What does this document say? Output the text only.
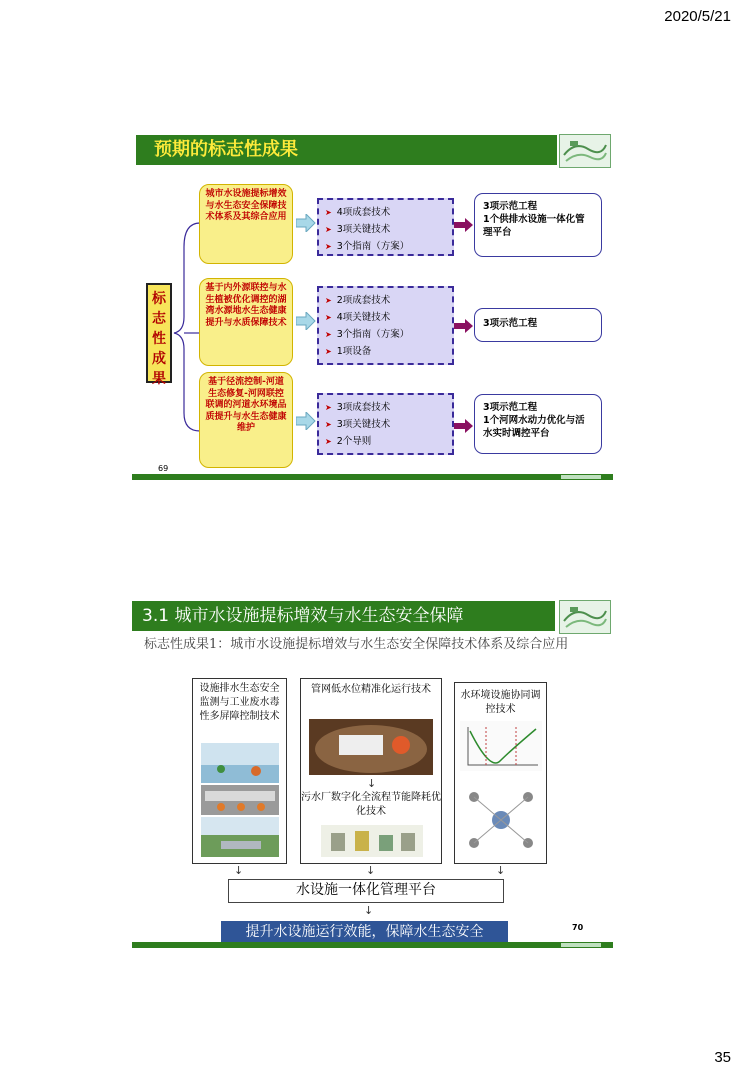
2020/5/21
预期的标志性成果
标
志
性
成
果
城市水设施提标增效与水生态安全保障技术体系及其综合应用	➤ 4项成套技术
➤ 3项关键技术
➤ 3个指南（方案）
3项示范工程
1个供排水设施一体化管理平台
基于内外源联控与水生植被优化调控的湖湾水源地水生态健康提升与水质保障技术
➤ 2项成套技术
➤ 4项关键技术
➤ 3个指南（方案）
➤ 1项设备
3项示范工程
基于径流控制-河道生态修复-河网联控联调的河道水环境品质提升与水生态健康维护
➤ 3项成套技术
➤ 3项关键技术
➤ 2个导则
3项示范工程
1个河网水动力优化与活水实时调控平台
69
3.1 城市水设施提标增效与水生态安全保障
标志性成果1：城市水设施提标增效与水生态安全保障技术体系及综合应用
设施排水生态安全监测与工业废水毒性多屏障控制技术
管网低水位精准化运行技术
↓
污水厂数字化全流程节能降耗优化技术
水环境设施协同调控技术
↓	↓	↓
水设施一体化管理平台
↓
提升水设施运行效能，保障水生态安全	70
35
